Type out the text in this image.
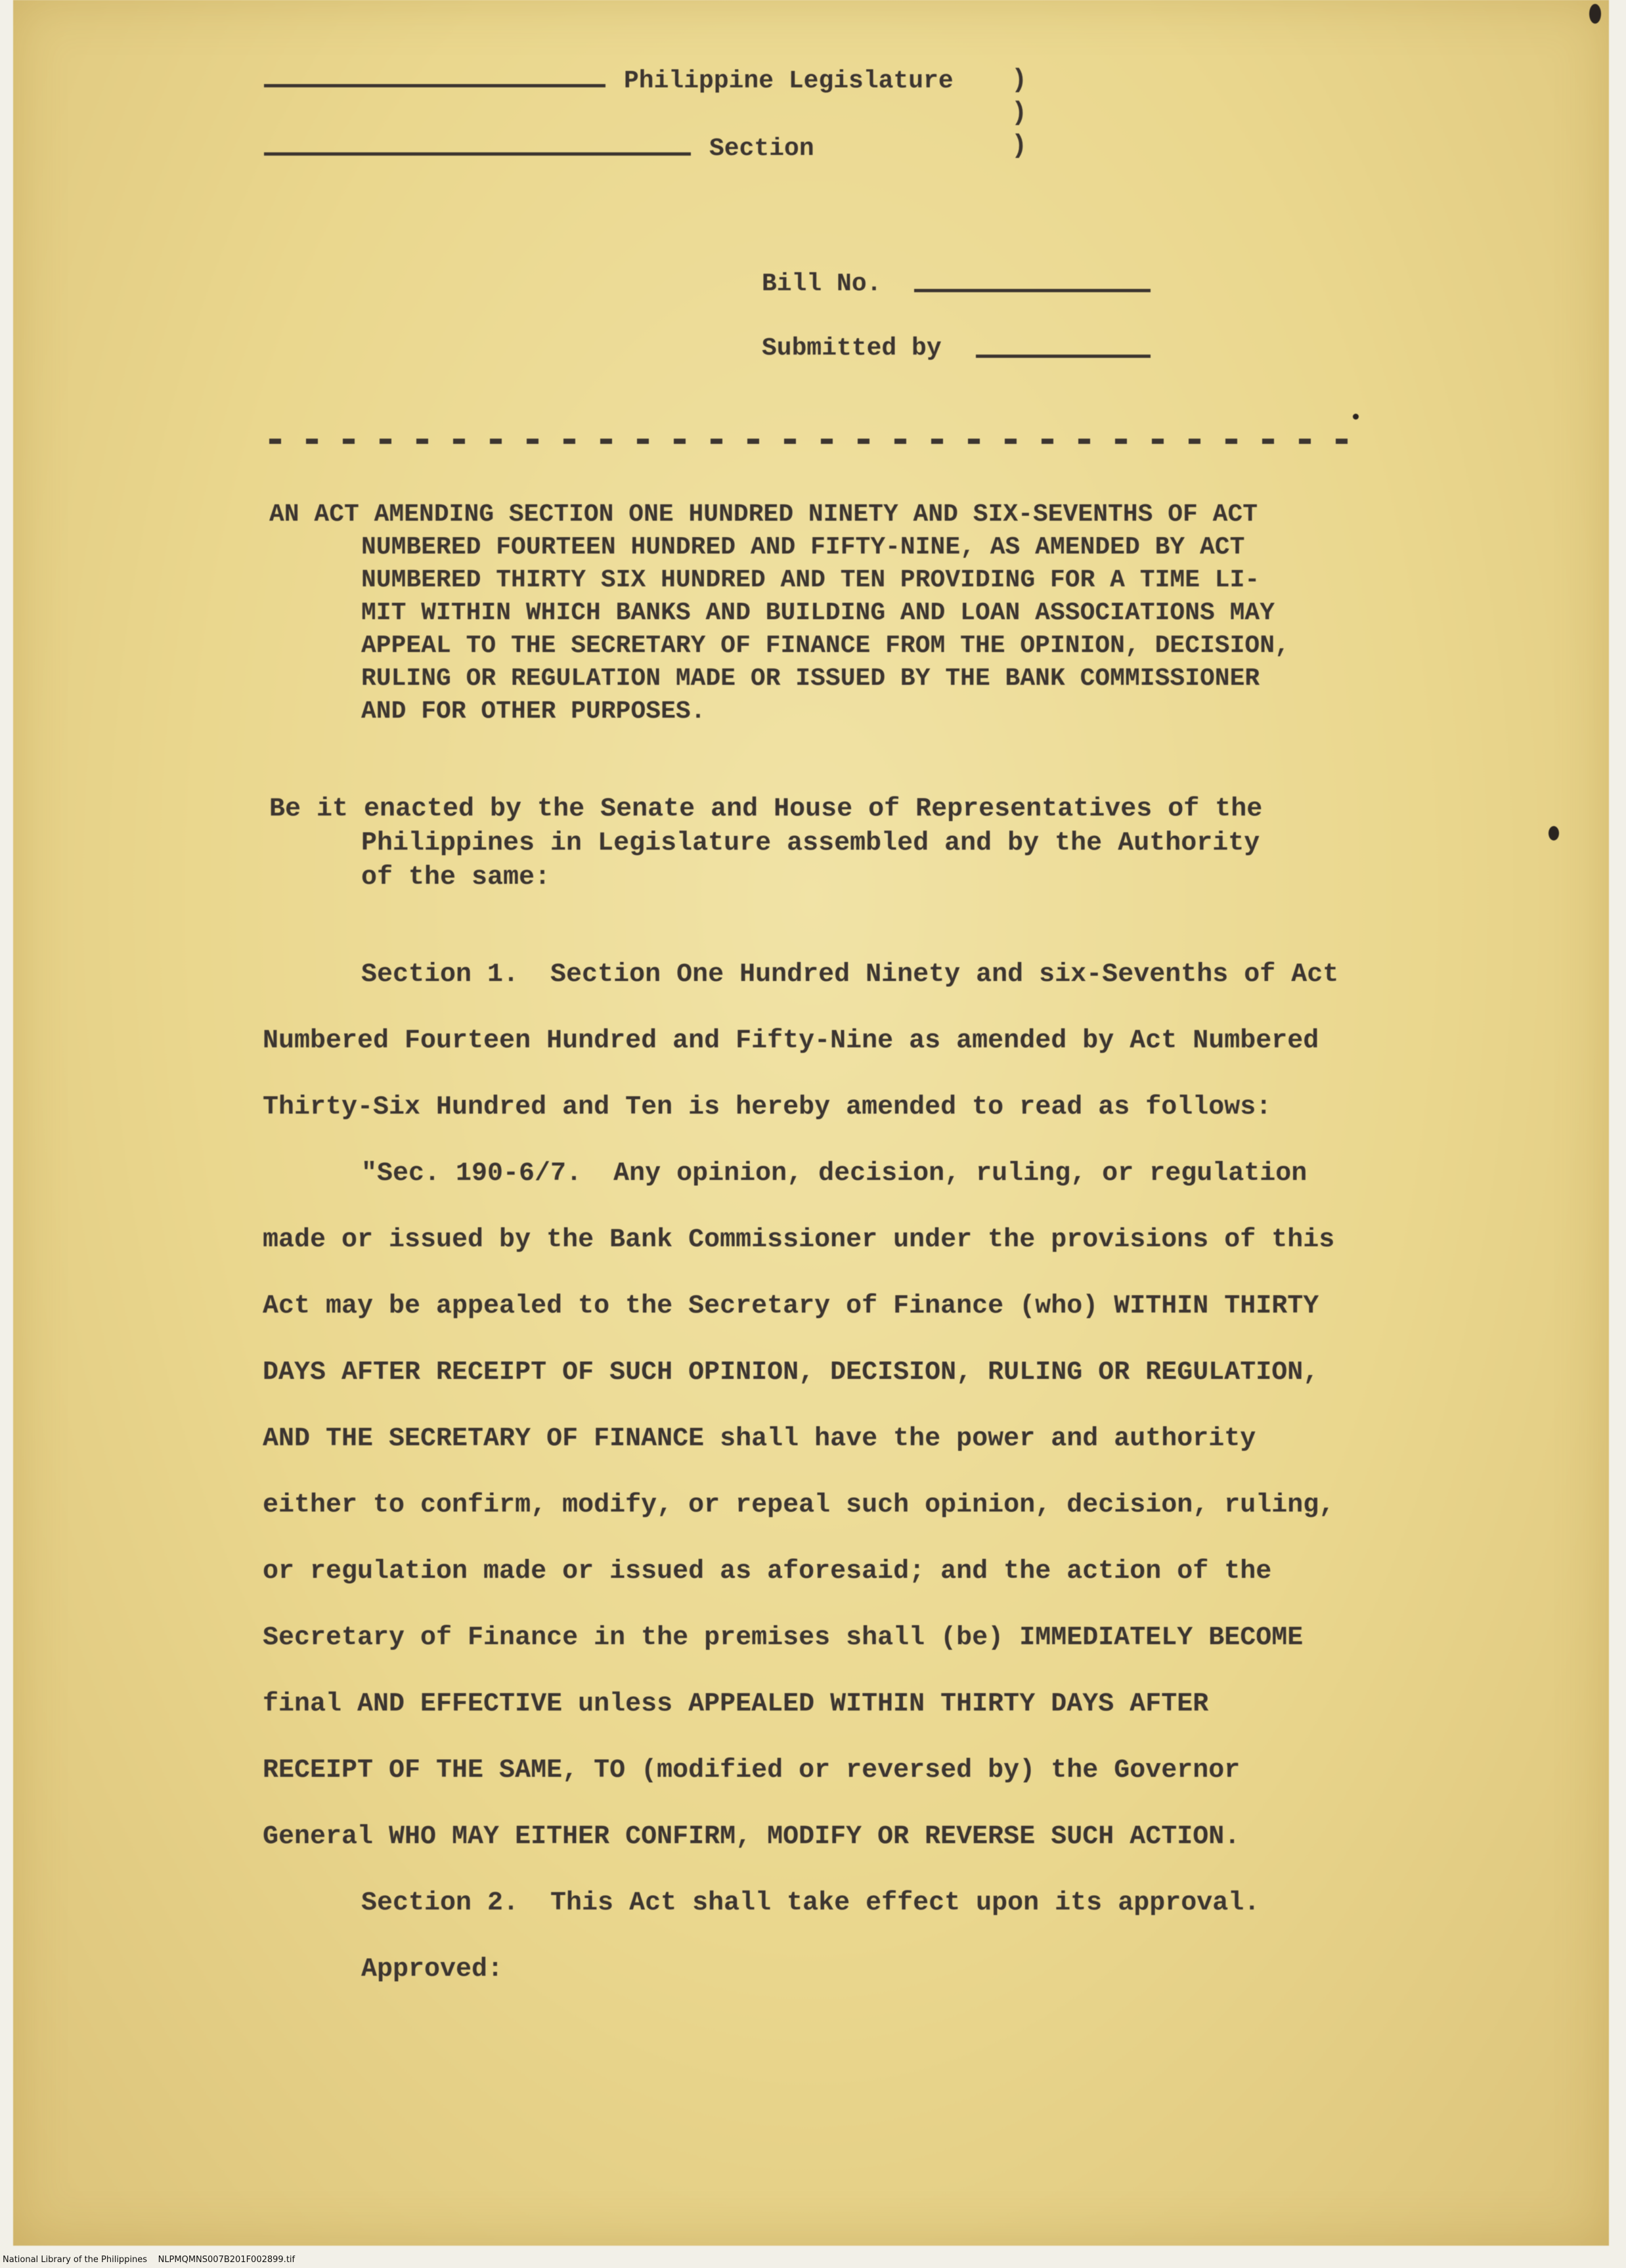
Philippine Legislature )
)
)
Section
Bill No.
Submitted by
AN ACT AMENDING SECTION ONE HUNDRED NINETY AND SIX-SEVENTHS OF ACT
NUMBERED FOURTEEN HUNDRED AND FIFTY-NINE, AS AMENDED BY ACT
NUMBERED THIRTY SIX HUNDRED AND TEN PROVIDING FOR A TIME LI-
MIT WITHIN WHICH BANKS AND BUILDING AND LOAN ASSOCIATIONS MAY
APPEAL TO THE SECRETARY OF FINANCE FROM THE OPINION, DECISION,
RULING OR REGULATION MADE OR ISSUED BY THE BANK COMMISSIONER
AND FOR OTHER PURPOSES.
Be it enacted by the Senate and House of Representatives of the
Philippines in Legislature assembled and by the Authority
of the same:
Section 1.  Section One Hundred Ninety and six-Sevenths of Act
Numbered Fourteen Hundred and Fifty-Nine as amended by Act Numbered
Thirty-Six Hundred and Ten is hereby amended to read as follows:
"Sec. 190-6/7.  Any opinion, decision, ruling, or regulation
made or issued by the Bank Commissioner under the provisions of this
Act may be appealed to the Secretary of Finance (who) WITHIN THIRTY
DAYS AFTER RECEIPT OF SUCH OPINION, DECISION, RULING OR REGULATION,
AND THE SECRETARY OF FINANCE shall have the power and authority
either to confirm, modify, or repeal such opinion, decision, ruling,
or regulation made or issued as aforesaid; and the action of the
Secretary of Finance in the premises shall (be) IMMEDIATELY BECOME
final AND EFFECTIVE unless APPEALED WITHIN THIRTY DAYS AFTER
RECEIPT OF THE SAME, TO (modified or reversed by) the Governor
General WHO MAY EITHER CONFIRM, MODIFY OR REVERSE SUCH ACTION.
Section 2.  This Act shall take effect upon its approval.
Approved:
National Library of the Philippines    NLPMQMNS007B201F002899.tif
